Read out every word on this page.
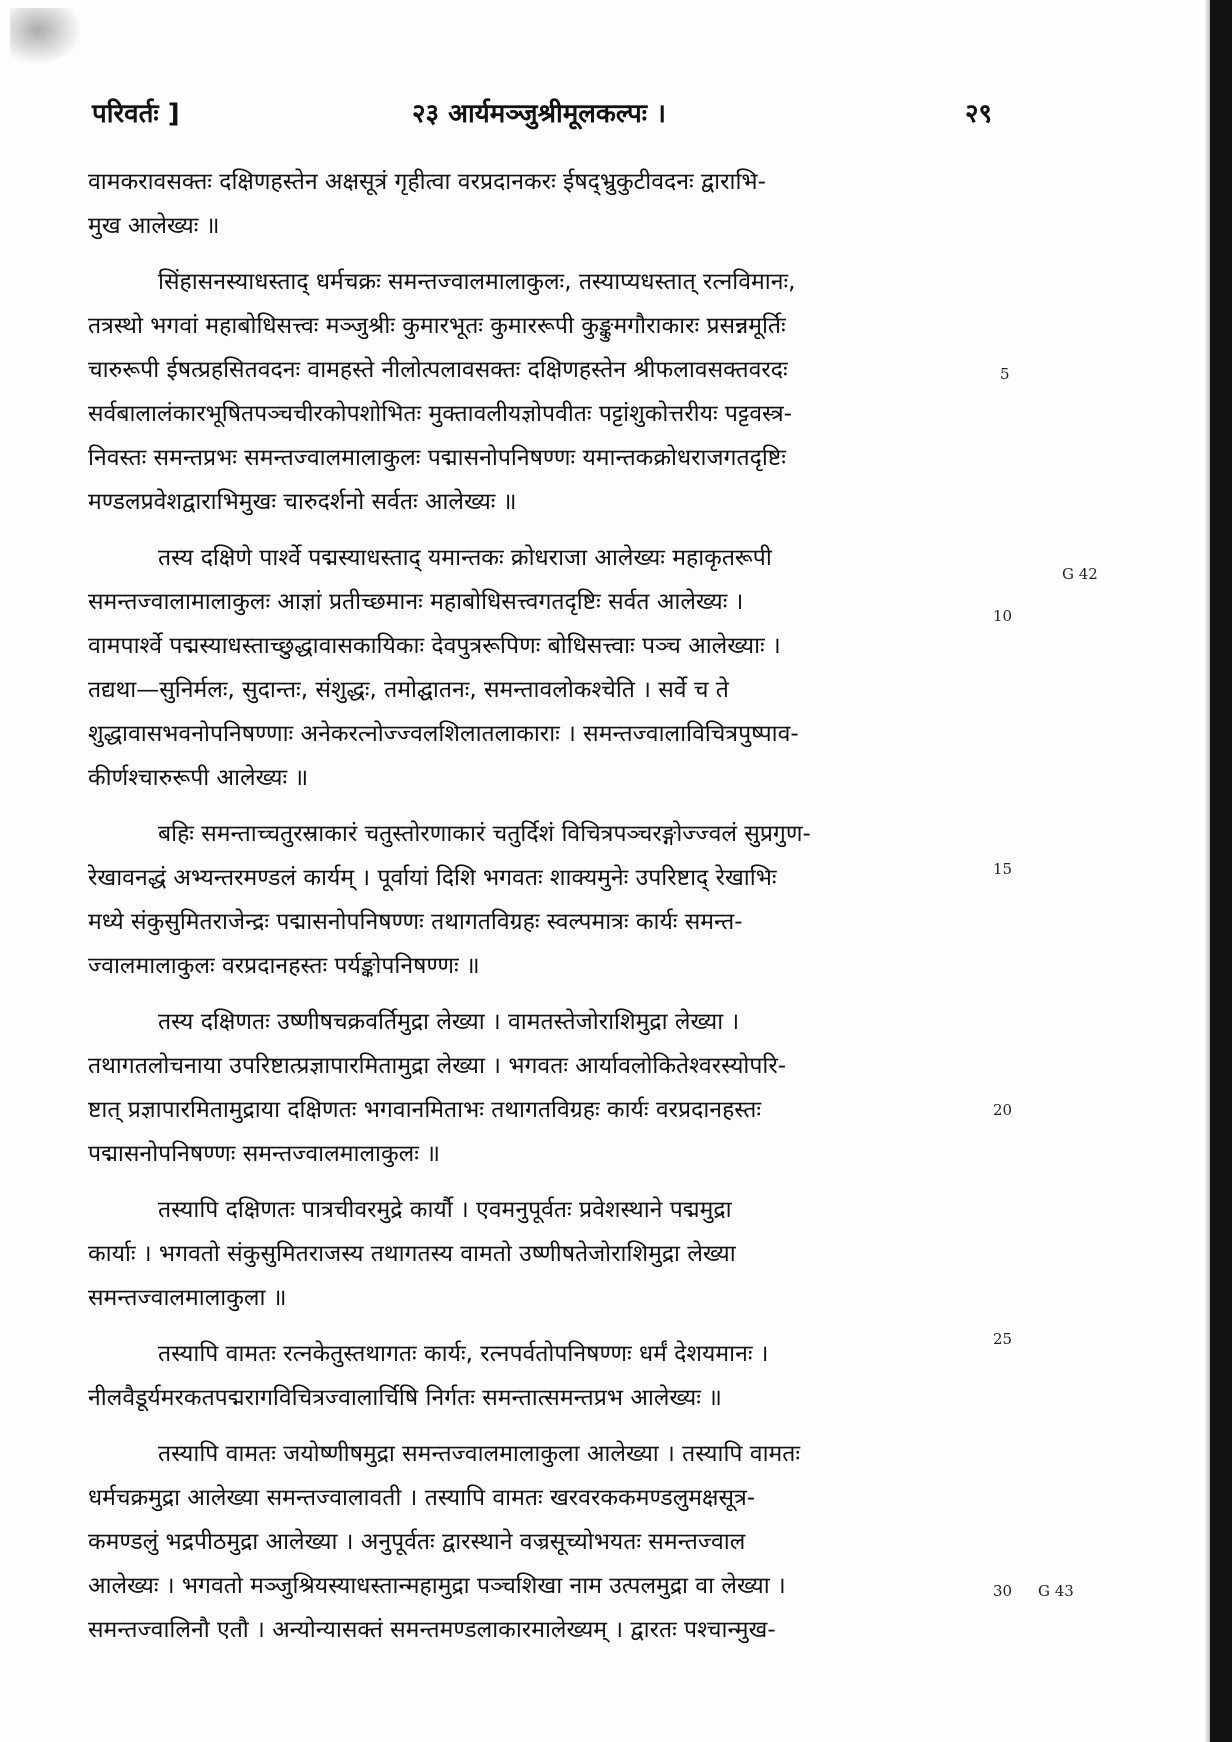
परिवर्तः ]	२३ आर्यमञ्जुश्रीमूलकल्पः ।	२९
वामकरावसक्तः दक्षिणहस्तेन अक्षसूत्रं गृहीत्वा वरप्रदानकरः ईषद्भ्रुकुटीवदनः द्वाराभि-
मुख आलेख्यः ॥
सिंहासनस्याधस्ताद् धर्मचक्रः समन्तज्वालमालाकुलः, तस्याप्यधस्तात् रत्नविमानः,
तत्रस्थो भगवां महाबोधिसत्त्वः मञ्जुश्रीः कुमारभूतः कुमाररूपी कुङ्कुमगौराकारः प्रसन्नमूर्तिः
चारुरूपी ईषत्प्रहसितवदनः वामहस्ते नीलोत्पलावसक्तः दक्षिणहस्तेन श्रीफलावसक्तवरदः
सर्वबालालंकारभूषितपञ्चचीरकोपशोभितः मुक्तावलीयज्ञोपवीतः पट्टांशुकोत्तरीयः पट्टवस्त्र-
निवस्तः समन्तप्रभः समन्तज्वालमालाकुलः पद्मासनोपनिषण्णः यमान्तकक्रोधराजगतदृष्टिः
मण्डलप्रवेशद्वाराभिमुखः चारुदर्शनो सर्वतः आलेख्यः ॥
तस्य दक्षिणे पार्श्वे पद्मस्याधस्ताद् यमान्तकः क्रोधराजा आलेख्यः महाकृतरूपी
समन्तज्वालामालाकुलः आज्ञां प्रतीच्छमानः महाबोधिसत्त्वगतदृष्टिः सर्वत आलेख्यः ।
वामपार्श्वे पद्मस्याधस्ताच्छुद्धावासकायिकाः देवपुत्ररूपिणः बोधिसत्त्वाः पञ्च आलेख्याः ।
तद्यथा—सुनिर्मलः, सुदान्तः, संशुद्धः, तमोद्घातनः, समन्तावलोकश्चेति । सर्वे च ते
शुद्धावासभवनोपनिषण्णाः अनेकरत्नोज्ज्वलशिलातलाकाराः । समन्तज्वालाविचित्रपुष्पाव-
कीर्णश्चारुरूपी आलेख्यः ॥
बहिः समन्ताच्चतुरस्राकारं चतुस्तोरणाकारं चतुर्दिशं विचित्रपञ्चरङ्गोज्ज्वलं सुप्रगुण-
रेखावनद्धं अभ्यन्तरमण्डलं कार्यम् । पूर्वायां दिशि भगवतः शाक्यमुनेः उपरिष्टाद् रेखाभिः
मध्ये संकुसुमितराजेन्द्रः पद्मासनोपनिषण्णः तथागतविग्रहः स्वल्पमात्रः कार्यः समन्त-
ज्वालमालाकुलः वरप्रदानहस्तः पर्यङ्कोपनिषण्णः ॥
तस्य दक्षिणतः उष्णीषचक्रवर्तिमुद्रा लेख्या । वामतस्तेजोराशिमुद्रा लेख्या ।
तथागतलोचनाया उपरिष्टात्प्रज्ञापारमितामुद्रा लेख्या । भगवतः आर्यावलोकितेश्वरस्योपरि-
ष्टात् प्रज्ञापारमितामुद्राया दक्षिणतः भगवानमिताभः तथागतविग्रहः कार्यः वरप्रदानहस्तः
पद्मासनोपनिषण्णः समन्तज्वालमालाकुलः ॥
तस्यापि दक्षिणतः पात्रचीवरमुद्रे कार्यौ । एवमनुपूर्वतः प्रवेशस्थाने पद्ममुद्रा
कार्याः । भगवतो संकुसुमितराजस्य तथागतस्य वामतो उष्णीषतेजोराशिमुद्रा लेख्या
समन्तज्वालमालाकुला ॥
तस्यापि वामतः रत्नकेतुस्तथागतः कार्यः, रत्नपर्वतोपनिषण्णः धर्मं देशयमानः ।
नीलवैडूर्यमरकतपद्मरागविचित्रज्वालार्चिषि निर्गतः समन्तात्समन्तप्रभ आलेख्यः ॥
तस्यापि वामतः जयोष्णीषमुद्रा समन्तज्वालमालाकुला आलेख्या । तस्यापि वामतः
धर्मचक्रमुद्रा आलेख्या समन्तज्वालावती । तस्यापि वामतः खरवरककमण्डलुमक्षसूत्र-
कमण्डलुं भद्रपीठमुद्रा आलेख्या । अनुपूर्वतः द्वारस्थाने वज्रसूच्योभयतः समन्तज्वाल
आलेख्यः । भगवतो मञ्जुश्रियस्याधस्तान्महामुद्रा पञ्चशिखा नाम उत्पलमुद्रा वा लेख्या ।
समन्तज्वालिनौ एतौ । अन्योन्यासक्तं समन्तमण्डलाकारमालेख्यम् । द्वारतः पश्चान्मुख-
5
10
15
20
25
30
G 42
G 43
